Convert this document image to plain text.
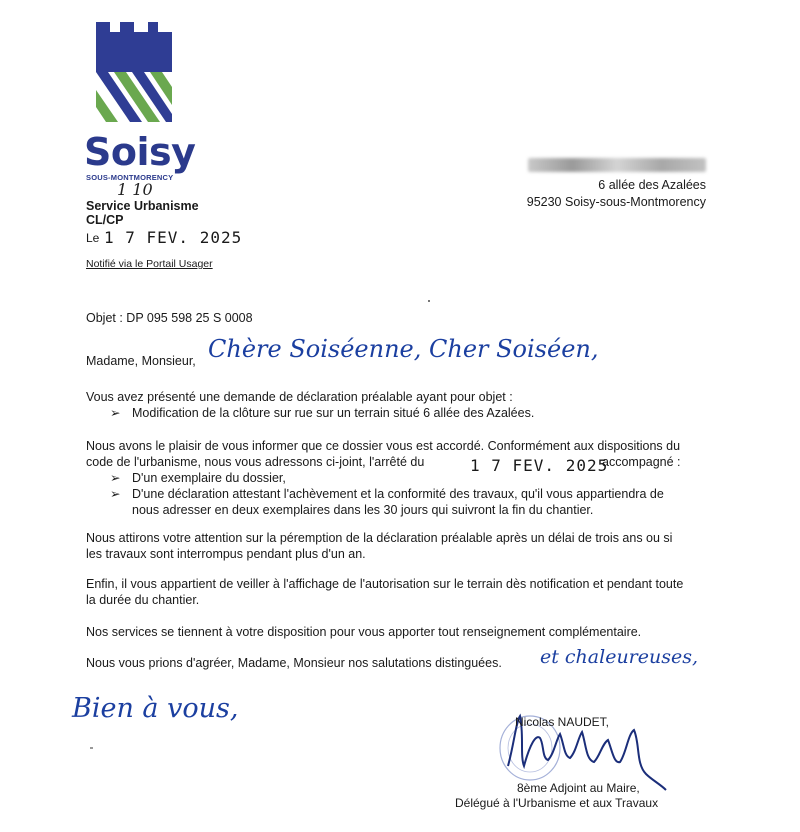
Soisy
SOUS-MONTMORENCY
1 10
Service Urbanisme
CL/CP
Le 1 7 FEV. 2025
Notifié via le Portail Usager
6 allée des Azalées
95230 Soisy-sous-Montmorency
Objet : DP 095 598 25 S 0008
Madame, Monsieur, Chère Soiséenne, Cher Soiséen,
Vous avez présenté une demande de déclaration préalable ayant pour objet :
➢ Modification de la clôture sur rue sur un terrain situé 6 allée des Azalées.
Nous avons le plaisir de vous informer que ce dossier vous est accordé. Conformément aux dispositions du
code de l'urbanisme, nous vous adressons ci-joint, l'arrêté du	1 7 FEV. 2025
accompagné :
➢ D'un exemplaire du dossier,
➢ D'une déclaration attestant l'achèvement et la conformité des travaux, qu'il vous appartiendra de
nous adresser en deux exemplaires dans les 30 jours qui suivront la fin du chantier.
Nous attirons votre attention sur la péremption de la déclaration préalable après un délai de trois ans ou si
les travaux sont interrompus pendant plus d'un an.
Enfin, il vous appartient de veiller à l'affichage de l'autorisation sur le terrain dès notification et pendant toute
la durée du chantier.
Nos services se tiennent à votre disposition pour vous apporter tout renseignement complémentaire.
Nous vous prions d'agréer, Madame, Monsieur nos salutations distinguées. et chaleureuses,
Bien à vous,	Nicolas NAUDET,
8ème Adjoint au Maire,
Délégué à l'Urbanisme et aux Travaux
